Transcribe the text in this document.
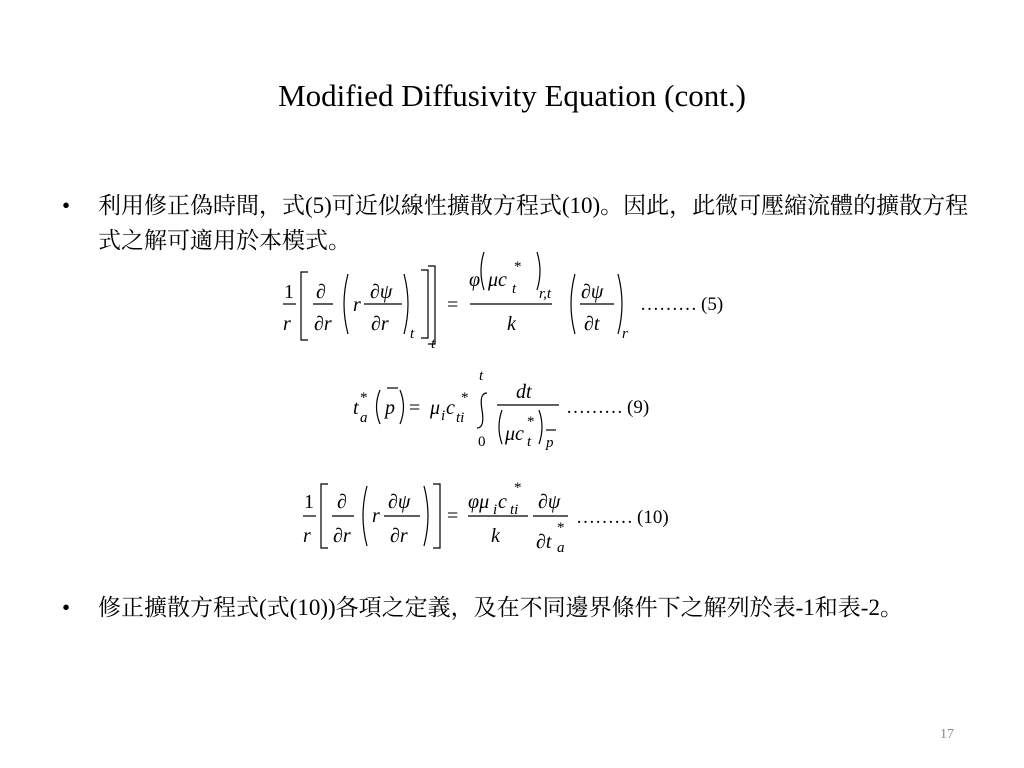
Modified Diffusivity Equation (cont.)
• 利用修正偽時間，式(5)可近似線性擴散方程式(10)。因此，此微可壓縮流體的擴散方程式之解可適用於本模式。
• 修正擴散方程式(式(10))各項之定義，及在不同邊界條件下之解列於表-1和表-2。
1
r
∂
∂r
r
∂ψ
∂r t
t
=
φ μc t
*
r,t
k
∂ψ
∂t r
t *
a p = μ i c *
ti
t
0
dt
μc
*
t p
1
r
∂
∂r
r
∂ψ
∂r
=
φμ i c
*
ti
k
∂ψ
∂t
*
a
……… (5)
……… (9)
……… (10)
17
